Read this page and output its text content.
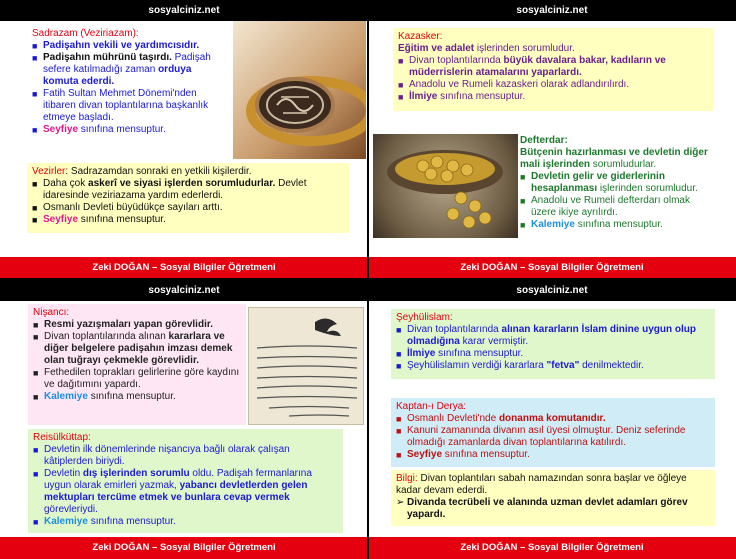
sosyalciniz.net
Sadrazam (Veziriazam):
■ Padişahın vekili ve yardımcısıdır.
■ Padişahın mührünü taşırdı. Padişah sefere katılmadığı zaman orduya komuta ederdi.
■ Fatih Sultan Mehmet Dönemi'nden itibaren divan toplantılarına başkanlık etmeye başladı.
■ Seyfiye sınıfına mensuptur.
Vezirler: Sadrazamdan sonraki en yetkili kişilerdir.
■ Daha çok askerî ve siyasi işlerden sorumludurlar. Devlet idaresinde veziriazama yardım ederlerdi.
■ Osmanlı Devleti büyüdükçe sayıları arttı.
■ Seyfiye sınıfına mensuptur.
Zeki DOĞAN – Sosyal Bilgiler Öğretmeni
sosyalciniz.net
Kazasker:
Eğitim ve adalet işlerinden sorumludur.
■ Divan toplantılarında büyük davalara bakar, kadıların ve müderrislerin atamalarını yaparlardı.
■ Anadolu ve Rumeli kazaskeri olarak adlandırılırdı.
■ İlmiye sınıfına mensuptur.
Defterdar:
Bütçenin hazırlanması ve devletin diğer mali işlerinden sorumludurlar.
■ Devletin gelir ve giderlerinin hesaplanması işlerinden sorumludur.
■ Anadolu ve Rumeli defterdarı olmak üzere ikiye ayrılırdı.
■ Kalemiye sınıfına mensuptur.
Zeki DOĞAN – Sosyal Bilgiler Öğretmeni
sosyalciniz.net
Nişancı:
■ Resmi yazışmaları yapan görevlidir.
■ Divan toplantılarında alınan kararlara ve diğer belgelere padişahın imzası demek olan tuğrayı çekmekle görevlidir.
■ Fethedilen toprakları gelirlerine göre kaydını ve dağıtımını yapardı.
■ Kalemiye sınıfına mensuptur.
Reisülküttap:
■ Devletin ilk dönemlerinde nişancıya bağlı olarak çalışan kâtiplerden biriydi.
■ Devletin dış işlerinden sorumlu oldu. Padişah fermanlarına uygun olarak emirleri yazmak, yabancı devletlerden gelen mektupları tercüme etmek ve bunlara cevap vermek görevleriydi.
■ Kalemiye sınıfına mensuptur.
Zeki DOĞAN – Sosyal Bilgiler Öğretmeni
sosyalciniz.net
Şeyhülislam:
■ Divan toplantılarında alınan kararların İslam dinine uygun olup olmadığına karar vermiştir.
■ İlmiye sınıfına mensuptur.
■ Şeyhülislamın verdiği kararlara "fetva" denilmektedir.
Kaptan-ı Derya:
■ Osmanlı Devleti'nde donanma komutanıdır.
■ Kanuni zamanında divanın asıl üyesi olmuştur. Deniz seferinde olmadığı zamanlarda divan toplantılarına katılırdı.
■ Seyfiye sınıfına mensuptur.
Bilgi: Divan toplantıları sabah namazından sonra başlar ve öğleye kadar devam ederdi.
➢ Divanda tecrübeli ve alanında uzman devlet adamları görev yapardı.
Zeki DOĞAN – Sosyal Bilgiler Öğretmeni
